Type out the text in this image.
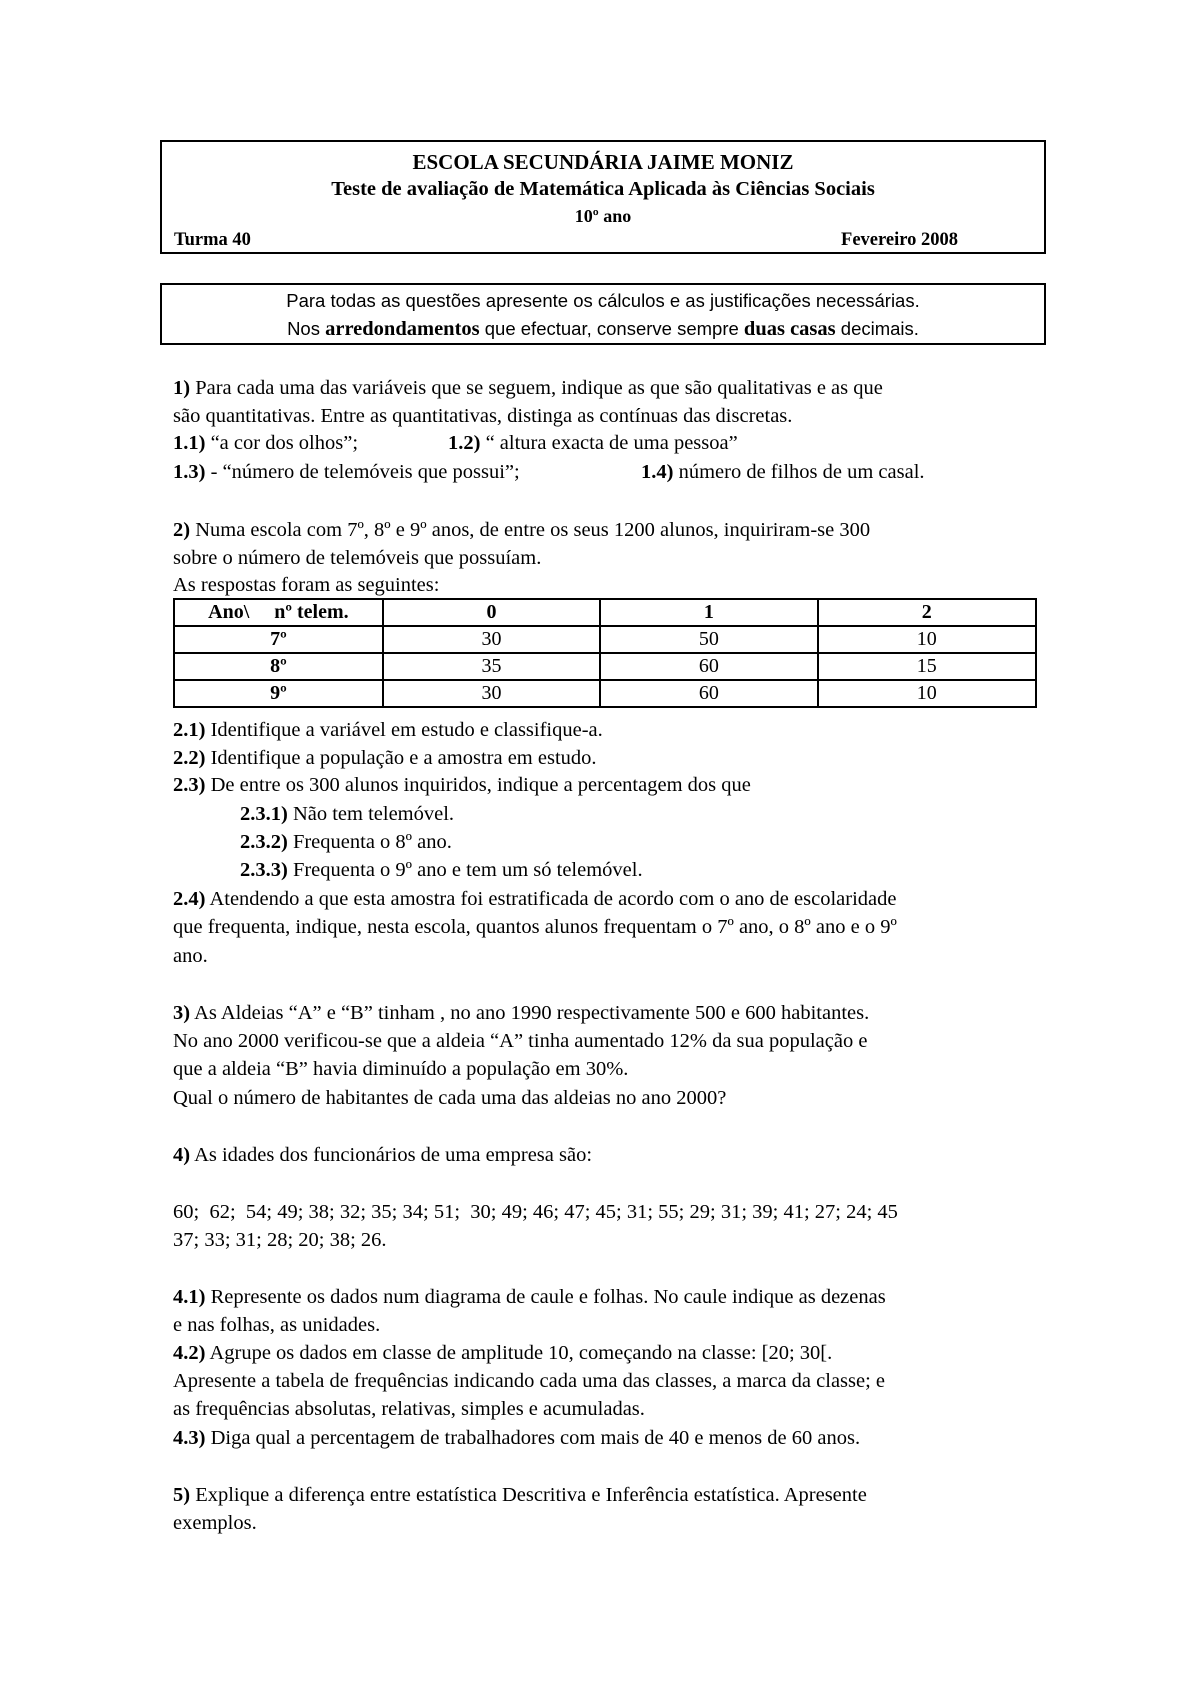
ESCOLA SECUNDÁRIA JAIME MONIZ
Teste de avaliação de Matemática Aplicada às Ciências Sociais
10º ano
Turma 40	Fevereiro 2008
Para todas as questões apresente os cálculos e as justificações necessárias.
Nos arredondamentos que efectuar, conserve sempre duas casas decimais.
1) Para cada uma das variáveis que se seguem, indique as que são qualitativas e as que
são quantitativas. Entre as quantitativas, distinga as contínuas das discretas.
1.1) “a cor dos olhos”;	1.2) “ altura exacta de uma pessoa”
1.3) - “número de telemóveis que possui”;	1.4) número de filhos de um casal.
2) Numa escola com 7º, 8º e 9º anos, de entre os seus 1200 alunos, inquiriram-se 300
sobre o número de telemóveis que possuíam.
As respostas foram as seguintes:
Ano\     nº telem.	0	1	2
7º	30	50	10
8º	35	60	15
9º	30	60	10
2.1) Identifique a variável em estudo e classifique-a.
2.2) Identifique a população e a amostra em estudo.
2.3) De entre os 300 alunos inquiridos, indique a percentagem dos que
2.3.1) Não tem telemóvel.
2.3.2) Frequenta o 8º ano.
2.3.3) Frequenta o 9º ano e tem um só telemóvel.
2.4) Atendendo a que esta amostra foi estratificada de acordo com o ano de escolaridade
que frequenta, indique, nesta escola, quantos alunos frequentam o 7º ano, o 8º ano e o 9º
ano.
3) As Aldeias “A” e “B” tinham , no ano 1990 respectivamente 500 e 600 habitantes.
No ano 2000 verificou-se que a aldeia “A” tinha aumentado 12% da sua população e
que a aldeia “B” havia diminuído a população em 30%.
Qual o número de habitantes de cada uma das aldeias no ano 2000?
4) As idades dos funcionários de uma empresa são:
60;  62;  54; 49; 38; 32; 35; 34; 51;  30; 49; 46; 47; 45; 31; 55; 29; 31; 39; 41; 27; 24; 45
37; 33; 31; 28; 20; 38; 26.
4.1) Represente os dados num diagrama de caule e folhas. No caule indique as dezenas
e nas folhas, as unidades.
4.2) Agrupe os dados em classe de amplitude 10, começando na classe: [20; 30[.
Apresente a tabela de frequências indicando cada uma das classes, a marca da classe; e
as frequências absolutas, relativas, simples e acumuladas.
4.3) Diga qual a percentagem de trabalhadores com mais de 40 e menos de 60 anos.
5) Explique a diferença entre estatística Descritiva e Inferência estatística. Apresente
exemplos.
